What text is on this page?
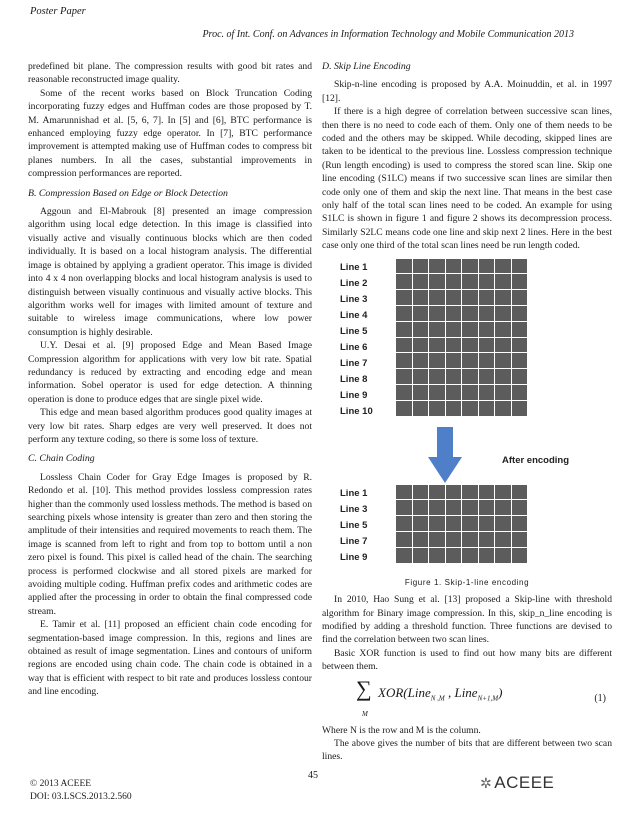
Poster Paper
Proc. of Int. Conf. on Advances in Information Technology and Mobile Communication 2013

predefined bit plane. The compression results with good bit rates and reasonable reconstructed image quality.

Some of the recent works based on Block Truncation Coding incorporating fuzzy edges and Huffman codes are those proposed by T. M. Amarunnishad et al. [5, 6, 7]. In [5] and [6], BTC performance is enhanced employing fuzzy edge operator. In [7], BTC performance improvement is attempted making use of Huffman codes to compress bit planes numbers. In all the cases, substantial improvements in compression performances are reported.

B. Compression Based on Edge or Block Detection

Aggoun and El-Mabrouk [8] presented an image compression algorithm using local edge detection. In this image is classified into visually active and visually continuous blocks which are then coded individually. It is based on a local histogram analysis. The differential image is obtained by applying a gradient operator. This image is divided into 4 x 4 non overlapping blocks and local histogram analysis is used to distinguish between visually continuous and visually active blocks. This algorithm works well for images with limited amount of texture and suitable to wireless image communications, where low power consumption is highly desirable.

U.Y. Desai et al. [9] proposed Edge and Mean Based Image Compression algorithm for applications with very low bit rate. Spatial redundancy is reduced by extracting and encoding edge and mean information. Sobel operator is used for edge detection. A thinning operation is done to produce edges that are single pixel wide.

This edge and mean based algorithm produces good quality images at very low bit rates. Sharp edges are very well preserved. It does not perform any texture coding, so there is some loss of texture.

C. Chain Coding

Lossless Chain Coder for Gray Edge Images is proposed by R. Redondo et al. [10]. This method provides lossless compression rates higher than the commonly used lossless methods. The method is based on searching pixels whose intensity is greater than zero and then storing the amplitude of their intensities and required movements to reach them. The image is scanned from left to right and from top to bottom until a non zero pixel is found. This pixel is called head of the chain. The searching process is performed clockwise and all stored pixels are marked for avoiding multiple coding. Huffman prefix codes and arithmetic codes are applied after the processing in order to obtain the final compressed code stream.

E. Tamir et al. [11] proposed an efficient chain code encoding for segmentation-based image compression. In this, regions and lines are obtained as result of image segmentation. Lines and contours of uniform regions are encoded using chain code. The chain code is obtained in a way that is efficient with respect to bit rate and produces lossless contour and line encoding.

D. Skip Line Encoding

Skip-n-line encoding is proposed by A.A. Moinuddin, et al. in 1997 [12].

If there is a high degree of correlation between successive scan lines, then there is no need to code each of them. Only one of them needs to be coded and the others may be skipped. While decoding, skipped lines are taken to be identical to the previous line. Lossless compression technique (Run length encoding) is used to compress the stored scan line. Skip one line encoding (S1LC) means if two successive scan lines are similar then code only one of them and skip the next line. That means in the best case only half of the total scan lines need to be coded. An example for using S1LC is shown in figure 1 and figure 2 shows its decompression process. Similarly S2LC means code one line and skip next 2 lines. Here in the best case only one third of the total scan lines need be run length coded.

Line 1
Line 2
Line 3
Line 4
Line 5
Line 6
Line 7
Line 8
Line 9
Line 10
Line 1
Line 3
Line 5
Line 7
Line 9
After encoding
Figure 1. Skip-1-line encoding

In 2010, Hao Sung et al. [13] proposed a Skip-line with threshold algorithm for Binary image compression. In this, skip_n_line encoding is modified by adding a threshold function. Three functions are devised to find the correlation between two scan lines.

Basic XOR function is used to find out how many bits are different between them.

∑ XOR(Line$_{N ,M}$ , Line$_{N+1,M}$)
M
(1)

Where N is the row and M is the column.

The above gives the number of bits that are different between two scan lines.

45
© 2013 ACEEE
DOI: 03.LSCS.2013.2.560
✲ ACEEE
